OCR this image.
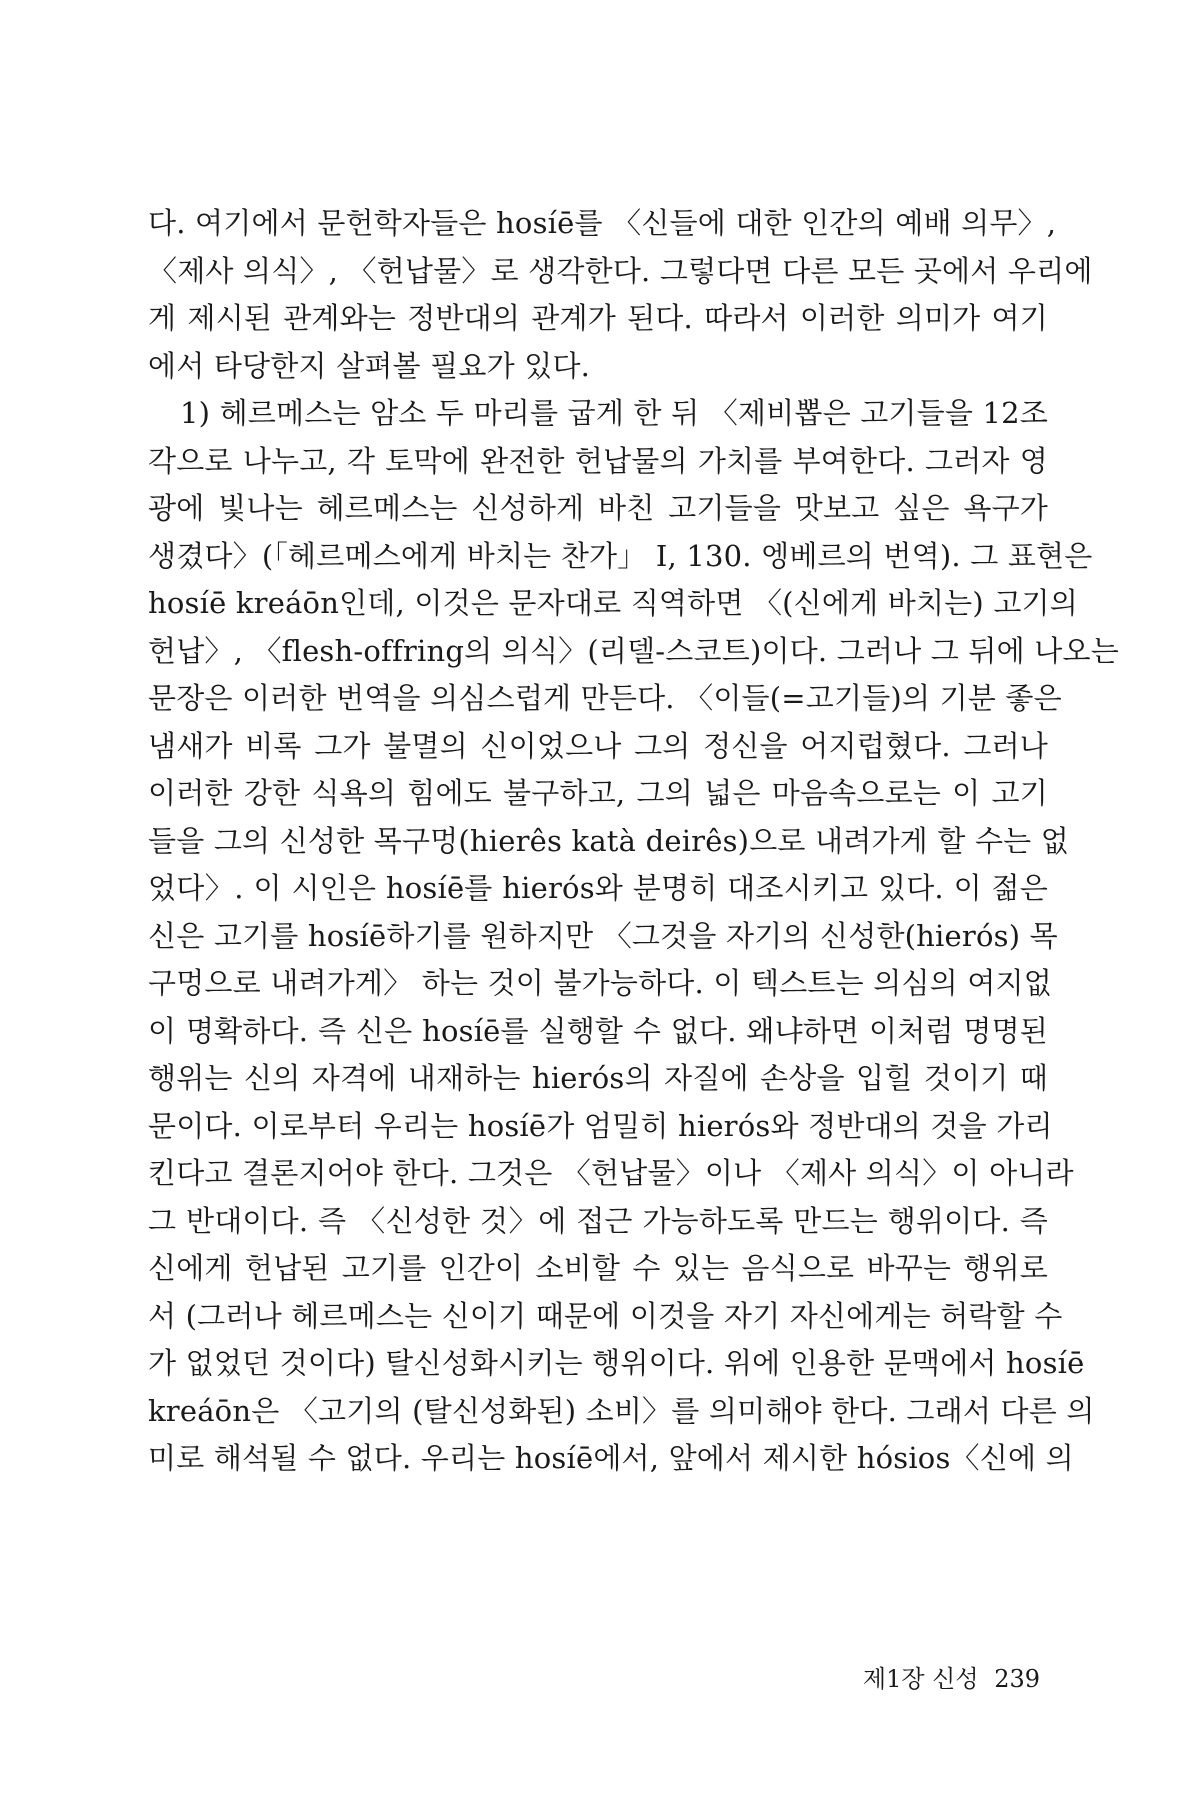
다. 여기에서 문헌학자들은 hosíē를 〈신들에 대한 인간의 예배 의무〉,
〈제사 의식〉, 〈헌납물〉로 생각한다. 그렇다면 다른 모든 곳에서 우리에
게 제시된 관계와는 정반대의 관계가 된다. 따라서 이러한 의미가 여기
에서 타당한지 살펴볼 필요가 있다.
1) 헤르메스는 암소 두 마리를 굽게 한 뒤 〈제비뽑은 고기들을 12조
각으로 나누고, 각 토막에 완전한 헌납물의 가치를 부여한다. 그러자 영
광에 빛나는 헤르메스는 신성하게 바친 고기들을 맛보고 싶은 욕구가
생겼다〉(「헤르메스에게 바치는 찬가」 I, 130. 엥베르의 번역). 그 표현은
hosíē kreáōn인데, 이것은 문자대로 직역하면 〈(신에게 바치는) 고기의
헌납〉, 〈flesh-offring의 의식〉(리델-스코트)이다. 그러나 그 뒤에 나오는
문장은 이러한 번역을 의심스럽게 만든다. 〈이들(=고기들)의 기분 좋은
냄새가 비록 그가 불멸의 신이었으나 그의 정신을 어지럽혔다. 그러나
이러한 강한 식욕의 힘에도 불구하고, 그의 넓은 마음속으로는 이 고기
들을 그의 신성한 목구멍(hierês katà deirês)으로 내려가게 할 수는 없
었다〉. 이 시인은 hosíē를 hierós와 분명히 대조시키고 있다. 이 젊은
신은 고기를 hosíē하기를 원하지만 〈그것을 자기의 신성한(hierós) 목
구멍으로 내려가게〉 하는 것이 불가능하다. 이 텍스트는 의심의 여지없
이 명확하다. 즉 신은 hosíē를 실행할 수 없다. 왜냐하면 이처럼 명명된
행위는 신의 자격에 내재하는 hierós의 자질에 손상을 입힐 것이기 때
문이다. 이로부터 우리는 hosíē가 엄밀히 hierós와 정반대의 것을 가리
킨다고 결론지어야 한다. 그것은 〈헌납물〉이나 〈제사 의식〉이 아니라
그 반대이다. 즉 〈신성한 것〉에 접근 가능하도록 만드는 행위이다. 즉
신에게 헌납된 고기를 인간이 소비할 수 있는 음식으로 바꾸는 행위로
서 (그러나 헤르메스는 신이기 때문에 이것을 자기 자신에게는 허락할 수
가 없었던 것이다) 탈신성화시키는 행위이다. 위에 인용한 문맥에서 hosíē
kreáōn은 〈고기의 (탈신성화된) 소비〉를 의미해야 한다. 그래서 다른 의
미로 해석될 수 없다. 우리는 hosíē에서, 앞에서 제시한 hósios〈신에 의
제1장 신성 239
